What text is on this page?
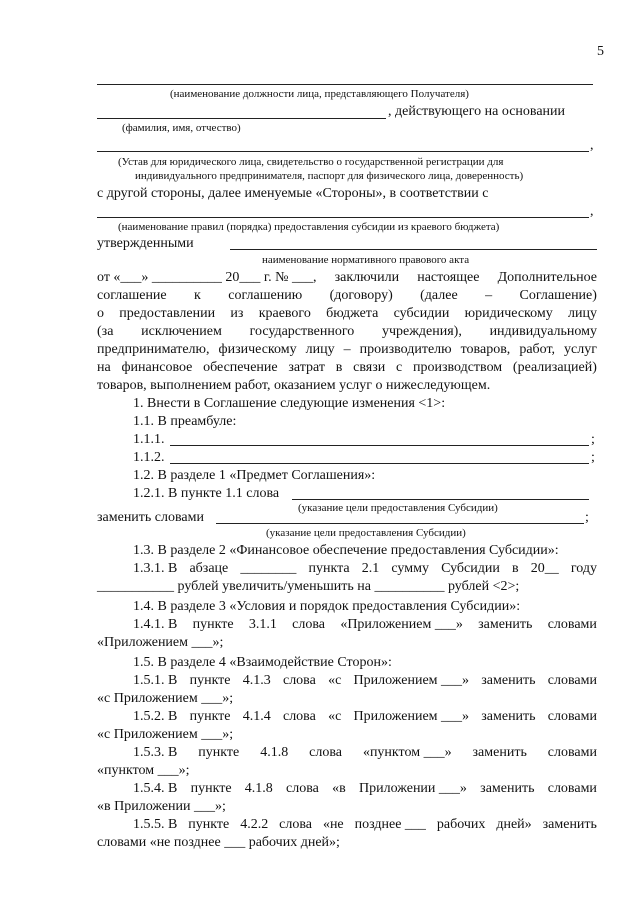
5
(наименование должности лица, представляющего Получателя)
, действующего на основании
(фамилия, имя, отчество)
,
(Устав для юридического лица, свидетельство о государственной регистрации для
индивидуального предпринимателя, паспорт для физического лица, доверенность)
с другой стороны, далее именуемые «Стороны», в соответствии с
,
(наименование правил (порядка) предоставления субсидии из краевого бюджета)
утвержденными
наименование нормативного правового акта
от «___» __________ 20___ г. № ___, заключили настоящее Дополнительное
соглашение к соглашению (договору) (далее – Соглашение)
о предоставлении из краевого бюджета субсидии юридическому лицу
(за исключением государственного учреждения), индивидуальному
предпринимателю, физическому лицу – производителю товаров, работ, услуг
на финансовое обеспечение затрат в связи с производством (реализацией)
товаров, выполнением работ, оказанием услуг о нижеследующем.
1. Внести в Соглашение следующие изменения <1>:
1.1. В преамбуле:
1.1.1.	;
1.1.2.	;
1.2. В разделе 1 «Предмет Соглашения»:
1.2.1. В пункте 1.1 слова
(указание цели предоставления Субсидии)
заменить словами	;
(указание цели предоставления Субсидии)
1.3. В разделе 2 «Финансовое обеспечение предоставления Субсидии»:
1.3.1. В абзаце ________ пункта 2.1 сумму Субсидии в 20__ году
___________ рублей увеличить/уменьшить на __________ рублей <2>;
1.4. В разделе 3 «Условия и порядок предоставления Субсидии»:
1.4.1. В пункте 3.1.1 слова «Приложением ___» заменить словами
«Приложением ___»;
1.5. В разделе 4 «Взаимодействие Сторон»:
1.5.1. В пункте 4.1.3 слова «с Приложением ___» заменить словами
«с Приложением ___»;
1.5.2. В пункте 4.1.4 слова «с Приложением ___» заменить словами
«с Приложением ___»;
1.5.3. В пункте 4.1.8 слова «пунктом ___» заменить словами
«пунктом ___»;
1.5.4. В пункте 4.1.8 слова «в Приложении ___» заменить словами
«в Приложении ___»;
1.5.5. В пункте 4.2.2 слова «не позднее ___ рабочих дней» заменить
словами «не позднее ___ рабочих дней»;
